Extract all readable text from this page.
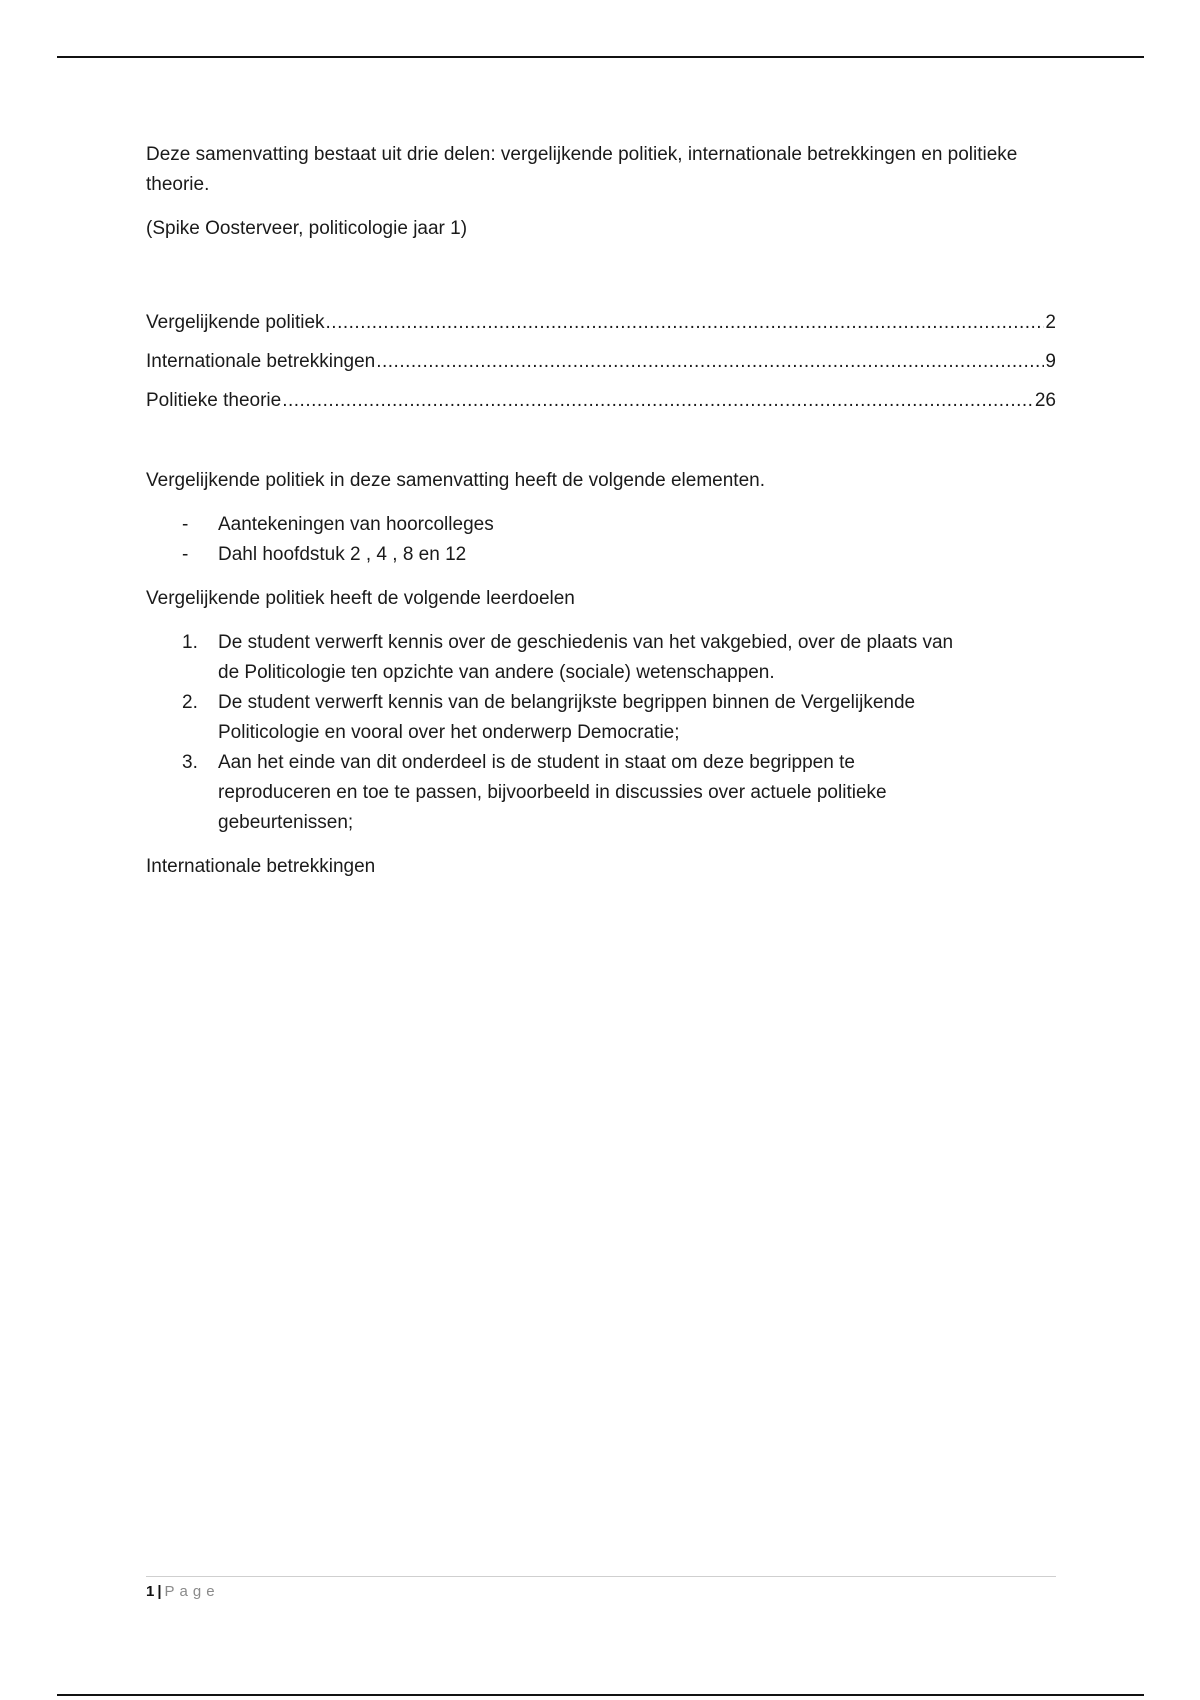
Deze samenvatting bestaat uit drie delen: vergelijkende politiek, internationale betrekkingen en politieke theorie.

(Spike Oosterveer, politicologie jaar 1)

Vergelijkende politiek .....	2
Internationale betrekkingen .....	9
Politieke theorie .....	26

Vergelijkende politiek in deze samenvatting heeft de volgende elementen.

- Aantekeningen van hoorcolleges
- Dahl hoofdstuk 2 , 4 , 8 en 12

Vergelijkende politiek heeft de volgende leerdoelen

1. De student verwerft kennis over de geschiedenis van het vakgebied, over de plaats van de Politicologie ten opzichte van andere (sociale) wetenschappen.
2. De student verwerft kennis van de belangrijkste begrippen binnen de Vergelijkende Politicologie en vooral over het onderwerp Democratie;
3. Aan het einde van dit onderdeel is de student in staat om deze begrippen te reproduceren en toe te passen, bijvoorbeeld in discussies over actuele politieke gebeurtenissen;

Internationale betrekkingen

1 | Page
